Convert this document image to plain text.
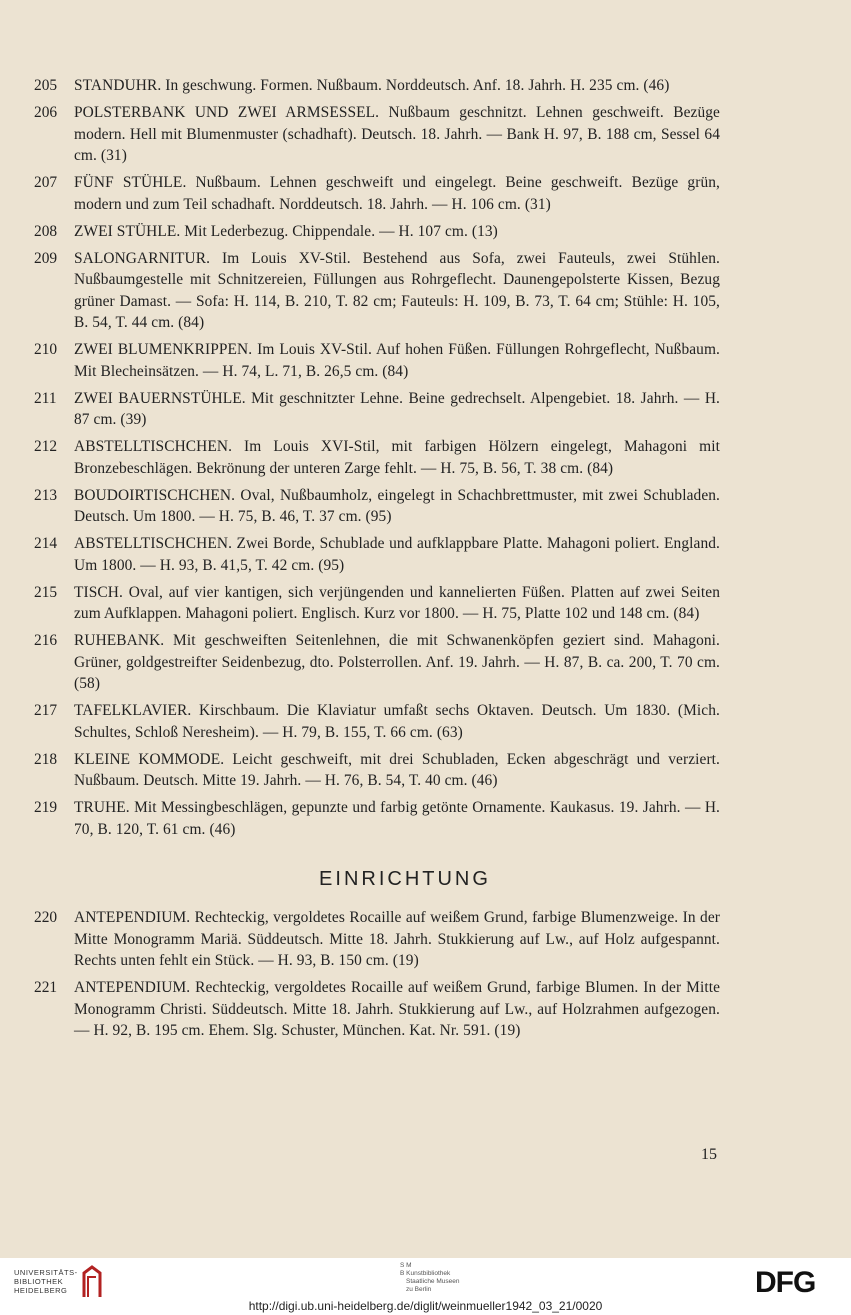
205	STANDUHR. In geschwung. Formen. Nußbaum. Norddeutsch. Anf. 18. Jahrh. H. 235 cm. (46)
206	POLSTERBANK UND ZWEI ARMSESSEL. Nußbaum geschnitzt. Lehnen geschweift. Bezüge modern. Hell mit Blumenmuster (schadhaft). Deutsch. 18. Jahrh. — Bank H. 97, B. 188 cm, Sessel 64 cm. (31)
207	FÜNF STÜHLE. Nußbaum. Lehnen geschweift und eingelegt. Beine geschweift. Bezüge grün, modern und zum Teil schadhaft. Norddeutsch. 18. Jahrh. — H. 106 cm. (31)
208	ZWEI STÜHLE. Mit Lederbezug. Chippendale. — H. 107 cm. (13)
209	SALONGARNITUR. Im Louis XV-Stil. Bestehend aus Sofa, zwei Fauteuls, zwei Stühlen. Nußbaumgestelle mit Schnitzereien, Füllungen aus Rohrgeflecht. Daunengepolsterte Kissen, Bezug grüner Damast. — Sofa: H. 114, B. 210, T. 82 cm; Fauteuls: H. 109, B. 73, T. 64 cm; Stühle: H. 105, B. 54, T. 44 cm. (84)
210	ZWEI BLUMENKRIPPEN. Im Louis XV-Stil. Auf hohen Füßen. Füllungen Rohrgeflecht, Nußbaum. Mit Blecheinsätzen. — H. 74, L. 71, B. 26,5 cm. (84)
211	ZWEI BAUERNSTÜHLE. Mit geschnitzter Lehne. Beine gedrechselt. Alpengebiet. 18. Jahrh. — H. 87 cm. (39)
212	ABSTELLTISCHCHEN. Im Louis XVI-Stil, mit farbigen Hölzern eingelegt, Mahagoni mit Bronzebeschlägen. Bekrönung der unteren Zarge fehlt. — H. 75, B. 56, T. 38 cm. (84)
213	BOUDOIRTISCHCHEN. Oval, Nußbaumholz, eingelegt in Schachbrettmuster, mit zwei Schubladen. Deutsch. Um 1800. — H. 75, B. 46, T. 37 cm. (95)
214	ABSTELLTISCHCHEN. Zwei Borde, Schublade und aufklappbare Platte. Mahagoni poliert. England. Um 1800. — H. 93, B. 41,5, T. 42 cm. (95)
215	TISCH. Oval, auf vier kantigen, sich verjüngenden und kannelierten Füßen. Platten auf zwei Seiten zum Aufklappen. Mahagoni poliert. Englisch. Kurz vor 1800. — H. 75, Platte 102 und 148 cm. (84)
216	RUHEBANK. Mit geschweiften Seitenlehnen, die mit Schwanenköpfen geziert sind. Mahagoni. Grüner, goldgestreifter Seidenbezug, dto. Polsterrollen. Anf. 19. Jahrh. — H. 87, B. ca. 200, T. 70 cm. (58)
217	TAFELKLAVIER. Kirschbaum. Die Klaviatur umfaßt sechs Oktaven. Deutsch. Um 1830. (Mich. Schultes, Schloß Neresheim). — H. 79, B. 155, T. 66 cm. (63)
218	KLEINE KOMMODE. Leicht geschweift, mit drei Schubladen, Ecken abgeschrägt und verziert. Nußbaum. Deutsch. Mitte 19. Jahrh. — H. 76, B. 54, T. 40 cm. (46)
219	TRUHE. Mit Messingbeschlägen, gepunzte und farbig getönte Ornamente. Kaukasus. 19. Jahrh. — H. 70, B. 120, T. 61 cm. (46)
EINRICHTUNG
220	ANTEPENDIUM. Rechteckig, vergoldetes Rocaille auf weißem Grund, farbige Blumenzweige. In der Mitte Monogramm Mariä. Süddeutsch. Mitte 18. Jahrh. Stukkierung auf Lw., auf Holz aufgespannt. Rechts unten fehlt ein Stück. — H. 93, B. 150 cm. (19)
221	ANTEPENDIUM. Rechteckig, vergoldetes Rocaille auf weißem Grund, farbige Blumen. In der Mitte Monogramm Christi. Süddeutsch. Mitte 18. Jahrh. Stukkierung auf Lw., auf Holzrahmen aufgezogen. — H. 92, B. 195 cm. Ehem. Slg. Schuster, München. Kat. Nr. 591. (19)
15
UNIVERSITÄTS-
BIBLIOTHEK
HEIDELBERG
S M
B Kunstbibliothek
Staatliche Museen
zu Berlin
http://digi.ub.uni-heidelberg.de/diglit/weinmueller1942_03_21/0020
DFG
